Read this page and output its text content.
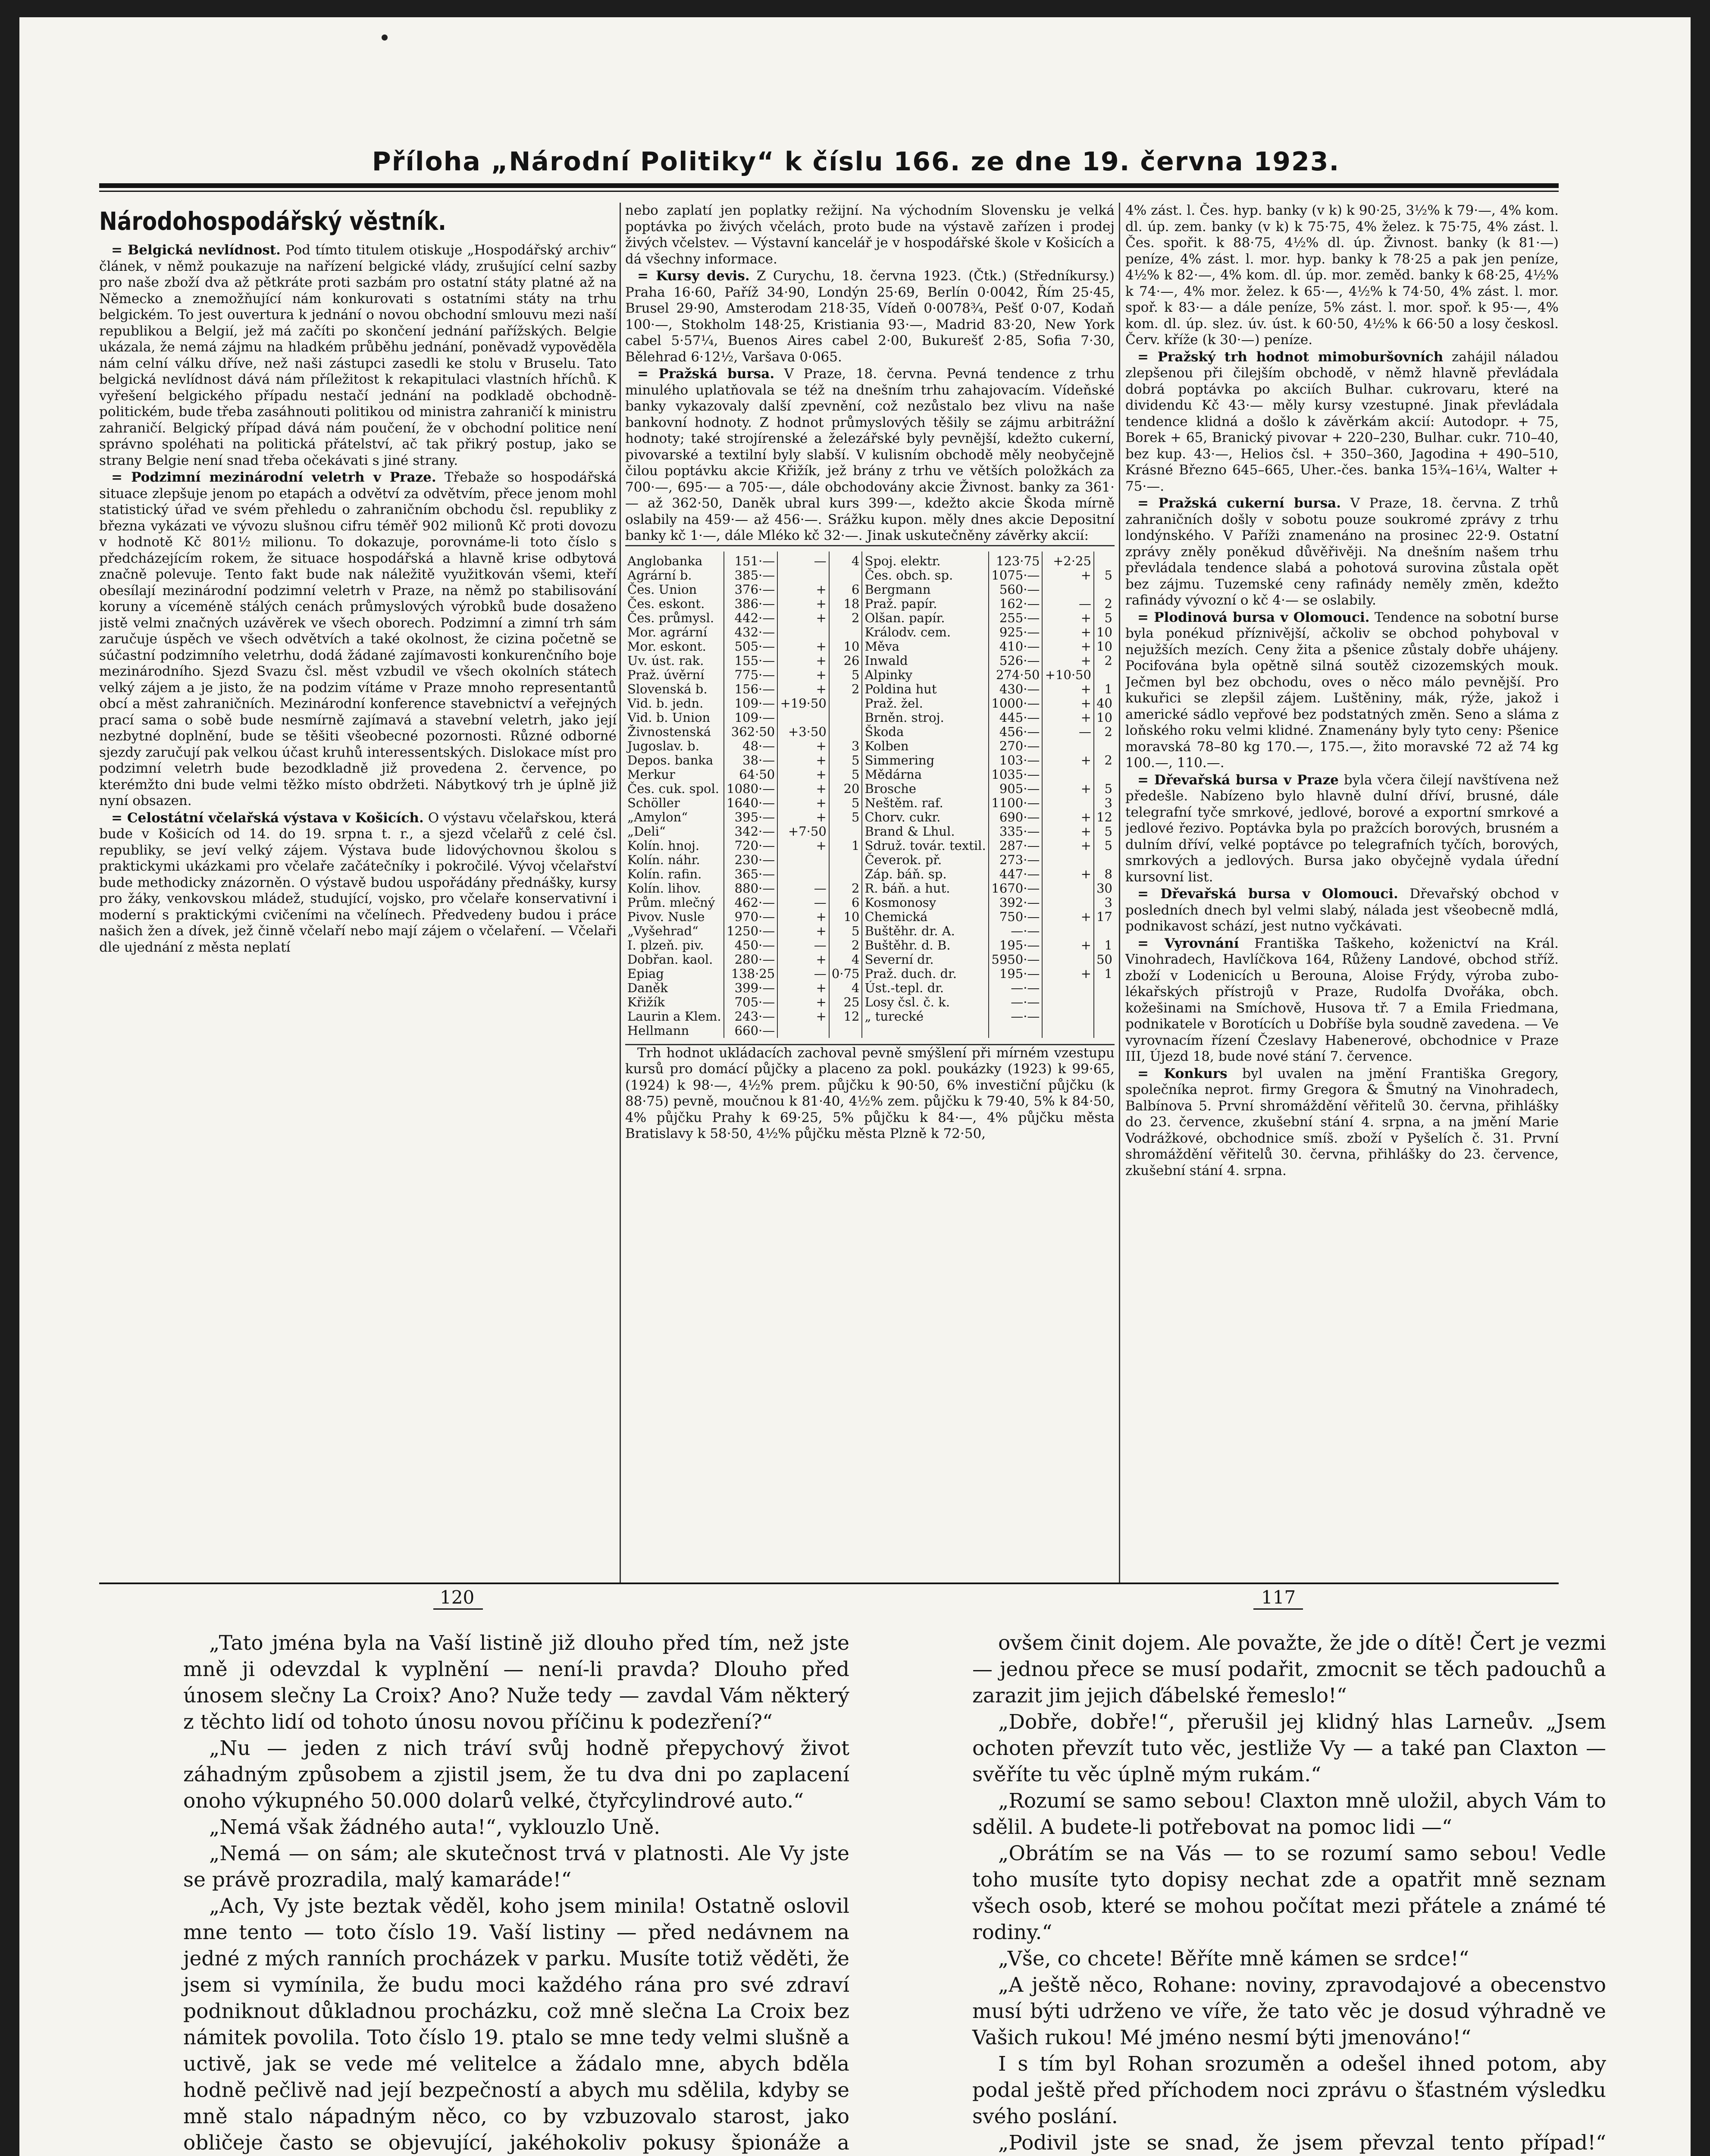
Příloha „Národní Politiky“ k číslu 166. ze dne 19. června 1923.
Národohospodářský věstník.

= Belgická nevlídnost. Pod tímto titulem otiskuje „Hospodářský archiv“ článek, v němž poukazuje na nařízení belgické vlády, zrušující celní sazby pro naše zboží dva až pětkráte proti sazbám pro ostatní státy platné až na Německo a znemožňující nám konkurovati s ostatními státy na trhu belgickém. To jest ouvertura k jednání o novou obchodní smlouvu mezi naší republikou a Belgií, jež má začíti po skončení jednání pařížských. Belgie ukázala, že nemá zájmu na hladkém průběhu jednání, poněvadž vypověděla nám celní válku dříve, než naši zástupci zasedli ke stolu v Bruselu. Tato belgická nevlídnost dává nám příležitost k rekapitulaci vlastních hříchů. K vyřešení belgického případu nestačí jednání na podkladě obchodně-politickém, bude třeba zasáhnouti politikou od ministra zahraničí k ministru zahraničí. Belgický případ dává nám poučení, že v obchodní politice není správno spoléhati na politická přátelství, ač tak přikrý postup, jako se strany Belgie není snad třeba očekávati s jiné strany.

= Podzimní mezinárodní veletrh v Praze. Třebaže so hospodářská situace zlepšuje jenom po etapách a odvětví za odvětvím, přece jenom mohl statistický úřad ve svém přehledu o zahraničním obchodu čsl. republiky z března vykázati ve vývozu slušnou cifru téměř 902 milionů Kč proti dovozu v hodnotě Kč 801½ milionu. To dokazuje, porovnáme-li toto číslo s předcházejícím rokem, že situace hospodářská a hlavně krise odbytová značně polevuje. Tento fakt bude nak náležitě využitkován všemi, kteří obesílají mezinárodní podzimní veletrh v Praze, na němž po stabilisování koruny a víceméně stálých cenách průmyslových výrobků bude dosaženo jistě velmi značných uzávěrek ve všech oborech. Podzimní a zimní trh sám zaručuje úspěch ve všech odvětvích a také okolnost, že cizina početně se súčastní podzimního veletrhu, dodá žádané zajímavosti konkurenčního boje mezinárodního. Sjezd Svazu čsl. měst vzbudil ve všech okolních státech velký zájem a je jisto, že na podzim vítáme v Praze mnoho representantů obcí a měst zahraničních. Mezinárodní konference stavebnictví a veřejných prací sama o sobě bude nesmírně zajímavá a stavební veletrh, jako její nezbytné doplnění, bude se těšiti všeobecné pozornosti. Různé odborné sjezdy zaručují pak velkou účast kruhů interessentských. Dislokace míst pro podzimní veletrh bude bezodkladně již provedena 2. července, po kterémžto dni bude velmi těžko místo obdržeti. Nábytkový trh je úplně již nyní obsazen.

= Celostátní včelařská výstava v Košicích. O výstavu včelařskou, která bude v Košicích od 14. do 19. srpna t. r., a sjezd včelařů z celé čsl. republiky, se jeví velký zájem. Výstava bude lidovýchovnou školou s praktickymi ukázkami pro včelaře začátečníky i pokročilé. Vývoj včelařství bude methodicky znázorněn. O výstavě budou uspořádány přednášky, kursy pro žáky, venkovskou mládež, studující, vojsko, pro včelaře konservativní i moderní s praktickými cvičeními na včelínech. Předvedeny budou i práce našich žen a dívek, jež činně včelaří nebo mají zájem o včelaření. — Včelaři dle ujednání z města neplatí

nebo zaplatí jen poplatky režijní. Na východním Slovensku je velká poptávka po živých včelách, proto bude na výstavě zařízen i prodej živých včelstev. — Výstavní kancelář je v hospodářské škole v Košicích a dá všechny informace.

= Kursy devis. Z Curychu, 18. června 1923. (Čtk.) (Středníkursy.) Praha 16·60, Paříž 34·90, Londýn 25·69, Berlín 0·0042, Řím 25·45, Brusel 29·90, Amsterodam 218·35, Vídeň 0·0078¾, Pešť 0·07, Kodaň 100·—, Stokholm 148·25, Kristiania 93·—, Madrid 83·20, New York cabel 5·57¼, Buenos Aires cabel 2·00, Bukurešť 2·85, Sofia 7·30, Bělehrad 6·12½, Varšava 0·065.

= Pražská bursa. V Praze, 18. června. Pevná tendence z trhu minulého uplatňovala se též na dnešním trhu zahajovacím. Vídeňské banky vykazovaly další zpevnění, což nezůstalo bez vlivu na naše bankovní hodnoty. Z hodnot průmyslových těšily se zájmu arbitrážní hodnoty; také strojírenské a železářské byly pevnější, kdežto cukerní, pivovarské a textilní byly slabší. V kulisním obchodě měly neobyčejně čilou poptávku akcie Křižík, jež brány z trhu ve větších položkách za 700·—, 695·— a 705·—, dále obchodovány akcie Živnost. banky za 361·— až 362·50, Daněk ubral kurs 399·—, kdežto akcie Škoda mírně oslabily na 459·— až 456·—. Srážku kupon. měly dnes akcie Depositní banky kč 1·—, dále Mléko kč 32·—. Jinak uskutečněny závěrky akcií:

Anglobanka	151·—	—	4	Spoj. elektr.	123·75	+2·25	
Agrární b.	385·—			Čes. obch. sp.	1075·—	+	5
Čes. Union	376·—	+	6	Bergmann	560·—		
Čes. eskont.	386·—	+	18	Praž. papír.	162·—	—	2
Čes. průmysl.	442·—	+	2	Olšan. papír.	255·—	+	5
Mor. agrární	432·—			Králodv. cem.	925·—	+	10
Mor. eskont.	505·—	+	10	Měva	410·—	+	10
Uv. úst. rak.	155·—	+	26	Inwald	526·—	+	2
Praž. úvěrní	775·—	+	5	Alpinky	274·50	+10·50	
Slovenská b.	156·—	+	2	Poldina hut	430·—	+	1
Vid. b. jedn.	109·—	+19·50		Praž. žel.	1000·—	+	40
Vid. b. Union	109·—			Brněn. stroj.	445·—	+	10
Živnostenská	362·50	+3·50		Škoda	456·—	—	2
Jugoslav. b.	48·—	+	3	Kolben	270·—		
Depos. banka	38·—	+	5	Simmering	103·—	+	2
Merkur	64·50	+	5	Mědárna	1035·—		
Čes. cuk. spol.	1080·—	+	20	Brosche	905·—	+	5
Schöller	1640·—	+	5	Neštěm. raf.	1100·—		3
„Amylon“	395·—	+	5	Chorv. cukr.	690·—	+	12
„Deli“	342·—	+7·50		Brand & Lhul.	335·—	+	5
Kolín. hnoj.	720·—	+	1	Sdruž. továr. textil.	287·—	+	5
Kolín. náhr.	230·—			Čeverok. př.	273·—		
Kolín. rafin.	365·—			Záp. báň. sp.	447·—	+	8
Kolín. lihov.	880·—	—	2	R. báň. a hut.	1670·—		30
Prům. mlečný	462·—	—	6	Kosmonosy	392·—		3
Pivov. Nusle	970·—	+	10	Chemická	750·—	+	17
„Vyšehrad“	1250·—	+	5	Buštěhr. dr. A.	—·—		
I. plzeň. piv.	450·—	—	2	Buštěhr. d. B.	195·—	+	1
Dobřan. kaol.	280·—	+	4	Severní dr.	5950·—		50
Epiag	138·25	—	0·75	Praž. duch. dr.	195·—	+	1
Daněk	399·—	+	4	Úst.-tepl. dr.	—·—		
Křižík	705·—	+	25	Losy čsl. č. k.	—·—		
Laurin a Klem.	243·—	+	12	„ turecké	—·—		
Hellmann	660·—						

Trh hodnot ukládacích zachoval pevně smýšlení při mírném vzestupu kursů pro domácí půjčky a placeno za pokl. poukázky (1923) k 99·65, (1924) k 98·—, 4½% prem. půjčku k 90·50, 6% investiční půjčku (k 88·75) pevně, moučnou k 81·40, 4½% zem. půjčku k 79·40, 5% k 84·50, 4% půjčku Prahy k 69·25, 5% půjčku k 84·—, 4% půjčku města Bratislavy k 58·50, 4½% půjčku města Plzně k 72·50,

4% zást. l. Čes. hyp. banky (v k) k 90·25, 3½% k 79·—, 4% kom. dl. úp. zem. banky (v k) k 75·75, 4% želez. k 75·75, 4% zást. l. Čes. spořit. k 88·75, 4½% dl. úp. Živnost. banky (k 81·—) peníze, 4% zást. l. mor. hyp. banky k 78·25 a pak jen peníze, 4½% k 82·—, 4% kom. dl. úp. mor. zeměd. banky k 68·25, 4½% k 74·—, 4% mor. želez. k 65·—, 4½% k 74·50, 4% zást. l. mor. spoř. k 83·— a dále peníze, 5% zást. l. mor. spoř. k 95·—, 4% kom. dl. úp. slez. úv. úst. k 60·50, 4½% k 66·50 a losy českosl. Červ. kříže (k 30·—) peníze.

= Pražský trh hodnot mimoburšovních zahájil náladou zlepšenou při čilejším obchodě, v němž hlavně převládala dobrá poptávka po akciích Bulhar. cukrovaru, které na dividendu Kč 43·— měly kursy vzestupné. Jinak převládala tendence klidná a došlo k závěrkám akcií: Autodopr. + 75, Borek + 65, Branický pivovar + 220–230, Bulhar. cukr. 710–40, bez kup. 43·—, Helios čsl. + 350–360, Jagodina + 490–510, Krásné Březno 645–665, Uher.-čes. banka 15¾–16¼, Walter + 75·—.

= Pražská cukerní bursa. V Praze, 18. června. Z trhů zahraničních došly v sobotu pouze soukromé zprávy z trhu londýnského. V Paříži znamenáno na prosinec 22·9. Ostatní zprávy zněly poněkud důvěřivěji. Na dnešním našem trhu převládala tendence slabá a pohotová surovina zůstala opět bez zájmu. Tuzemské ceny rafinády neměly změn, kdežto rafinády vývozní o kč 4·— se oslabily.

= Plodinová bursa v Olomouci. Tendence na sobotní burse byla ponékud příznivější, ačkoliv se obchod pohyboval v nejužších mezích. Ceny žita a pšenice zůstaly dobře uhájeny. Pocifována byla opětně silná soutěž cizozemských mouk. Ječmen byl bez obchodu, oves o něco málo pevnější. Pro kukuřici se zlepšil zájem. Luštěniny, mák, rýže, jakož i americké sádlo vepřové bez podstatných změn. Seno a sláma z loňského roku velmi klidné. Znamenány byly tyto ceny: Pšenice moravská 78–80 kg 170.—, 175.—, žito moravské 72 až 74 kg 100.—, 110.—.

= Dřevařská bursa v Praze byla včera čilejí navštívena než předešle. Nabízeno bylo hlavně dulní dříví, brusné, dále telegrafní tyče smrkové, jedlové, borové a exportní smrkové a jedlové řezivo. Poptávka byla po pražcích borových, brusném a dulním dříví, velké poptávce po telegrafních tyčích, borových, smrkových a jedlových. Bursa jako obyčejně vydala úřední kursovní list.

= Dřevařská bursa v Olomouci. Dřevařský obchod v posledních dnech byl velmi slabý, nálada jest všeobecně mdlá, podnikavost schází, jest nutno vyčkávati.

= Vyrovnání Františka Taškeho, koženictví na Král. Vinohradech, Havlíčkova 164, Růženy Landové, obchod stříž. zboží v Lodenicích u Berouna, Aloise Frýdy, výroba zubolékařských přístrojů v Praze, Rudolfa Dvořáka, obch. kožešinami na Smíchově, Husova tř. 7 a Emila Friedmana, podnikatele v Borotících u Dobříše byla soudně zavedena. — Ve vyrovnacím řízení Čzeslavy Habenerové, obchodnice v Praze III, Újezd 18, bude nové stání 7. července.

= Konkurs byl uvalen na jmění Františka Gregory, společníka neprot. firmy Gregora & Šmutný na Vinohradech, Balbínova 5. První shromáždění věřitelů 30. června, přihlášky do 23. července, zkušební stání 4. srpna, a na jmění Marie Vodrážkové, obchodnice smíš. zboží v Pyšelích č. 31. První shromáždění věřitelů 30. června, přihlášky do 23. července, zkušební stání 4. srpna.

120	117

„Tato jména byla na Vaší listině již dlouho před tím, než jste mně ji odevzdal k vyplnění — není-li pravda? Dlouho před únosem slečny La Croix? Ano? Nuže tedy — zavdal Vám některý z těchto lidí od tohoto únosu novou příčinu k podezření?“

„Nu — jeden z nich tráví svůj hodně přepychový život záhadným způsobem a zjistil jsem, že tu dva dni po zaplacení onoho výkupného 50.000 dolarů velké, čtyřcylindrové auto.“

„Nemá však žádného auta!“, vyklouzlo Uně.

„Nemá — on sám; ale skutečnost trvá v platnosti. Ale Vy jste se právě prozradila, malý kamaráde!“

„Ach, Vy jste beztak věděl, koho jsem minila! Ostatně oslovil mne tento — toto číslo 19. Vaší listiny — před nedávnem na jedné z mých ranních procházek v parku. Musíte totiž věděti, že jsem si vymínila, že budu moci každého rána pro své zdraví podniknout důkladnou procházku, což mně slečna La Croix bez námitek povolila. Toto číslo 19. ptalo se mne tedy velmi slušně a uctivě, jak se vede mé velitelce a žádalo mne, abych bděla hodně pečlivě nad její bezpečností a abych mu sdělila, kdyby se mně stalo nápadným něco, co by vzbuzovalo starost, jako obličeje často se objevující, jakéhokoliv pokusy špionáže a

ovšem činit dojem. Ale považte, že jde o dítě! Čert je vezmi — jednou přece se musí podařit, zmocnit se těch padouchů a zarazit jim jejich ďábelské řemeslo!“

„Dobře, dobře!“, přerušil jej klidný hlas Larneův. „Jsem ochoten převzít tuto věc, jestliže Vy — a také pan Claxton — svěříte tu věc úplně mým rukám.“

„Rozumí se samo sebou! Claxton mně uložil, abych Vám to sdělil. A budete-li potřebovat na pomoc lidi —“

„Obrátím se na Vás — to se rozumí samo sebou! Vedle toho musíte tyto dopisy nechat zde a opatřit mně seznam všech osob, které se mohou počítat mezi přátele a známé té rodiny.“

„Vše, co chcete! Běříte mně kámen se srdce!“

„A ještě něco, Rohane: noviny, zpravodajové a obecenstvo musí býti udrženo ve víře, že tato věc je dosud výhradně ve Vašich rukou! Mé jméno nesmí býti jmenováno!“

I s tím byl Rohan srozuměn a odešel ihned potom, aby podal ještě před příchodem noci zprávu o šťastném výsledku svého poslání.

„Podivil jste se snad, že jsem převzal tento případ!“
